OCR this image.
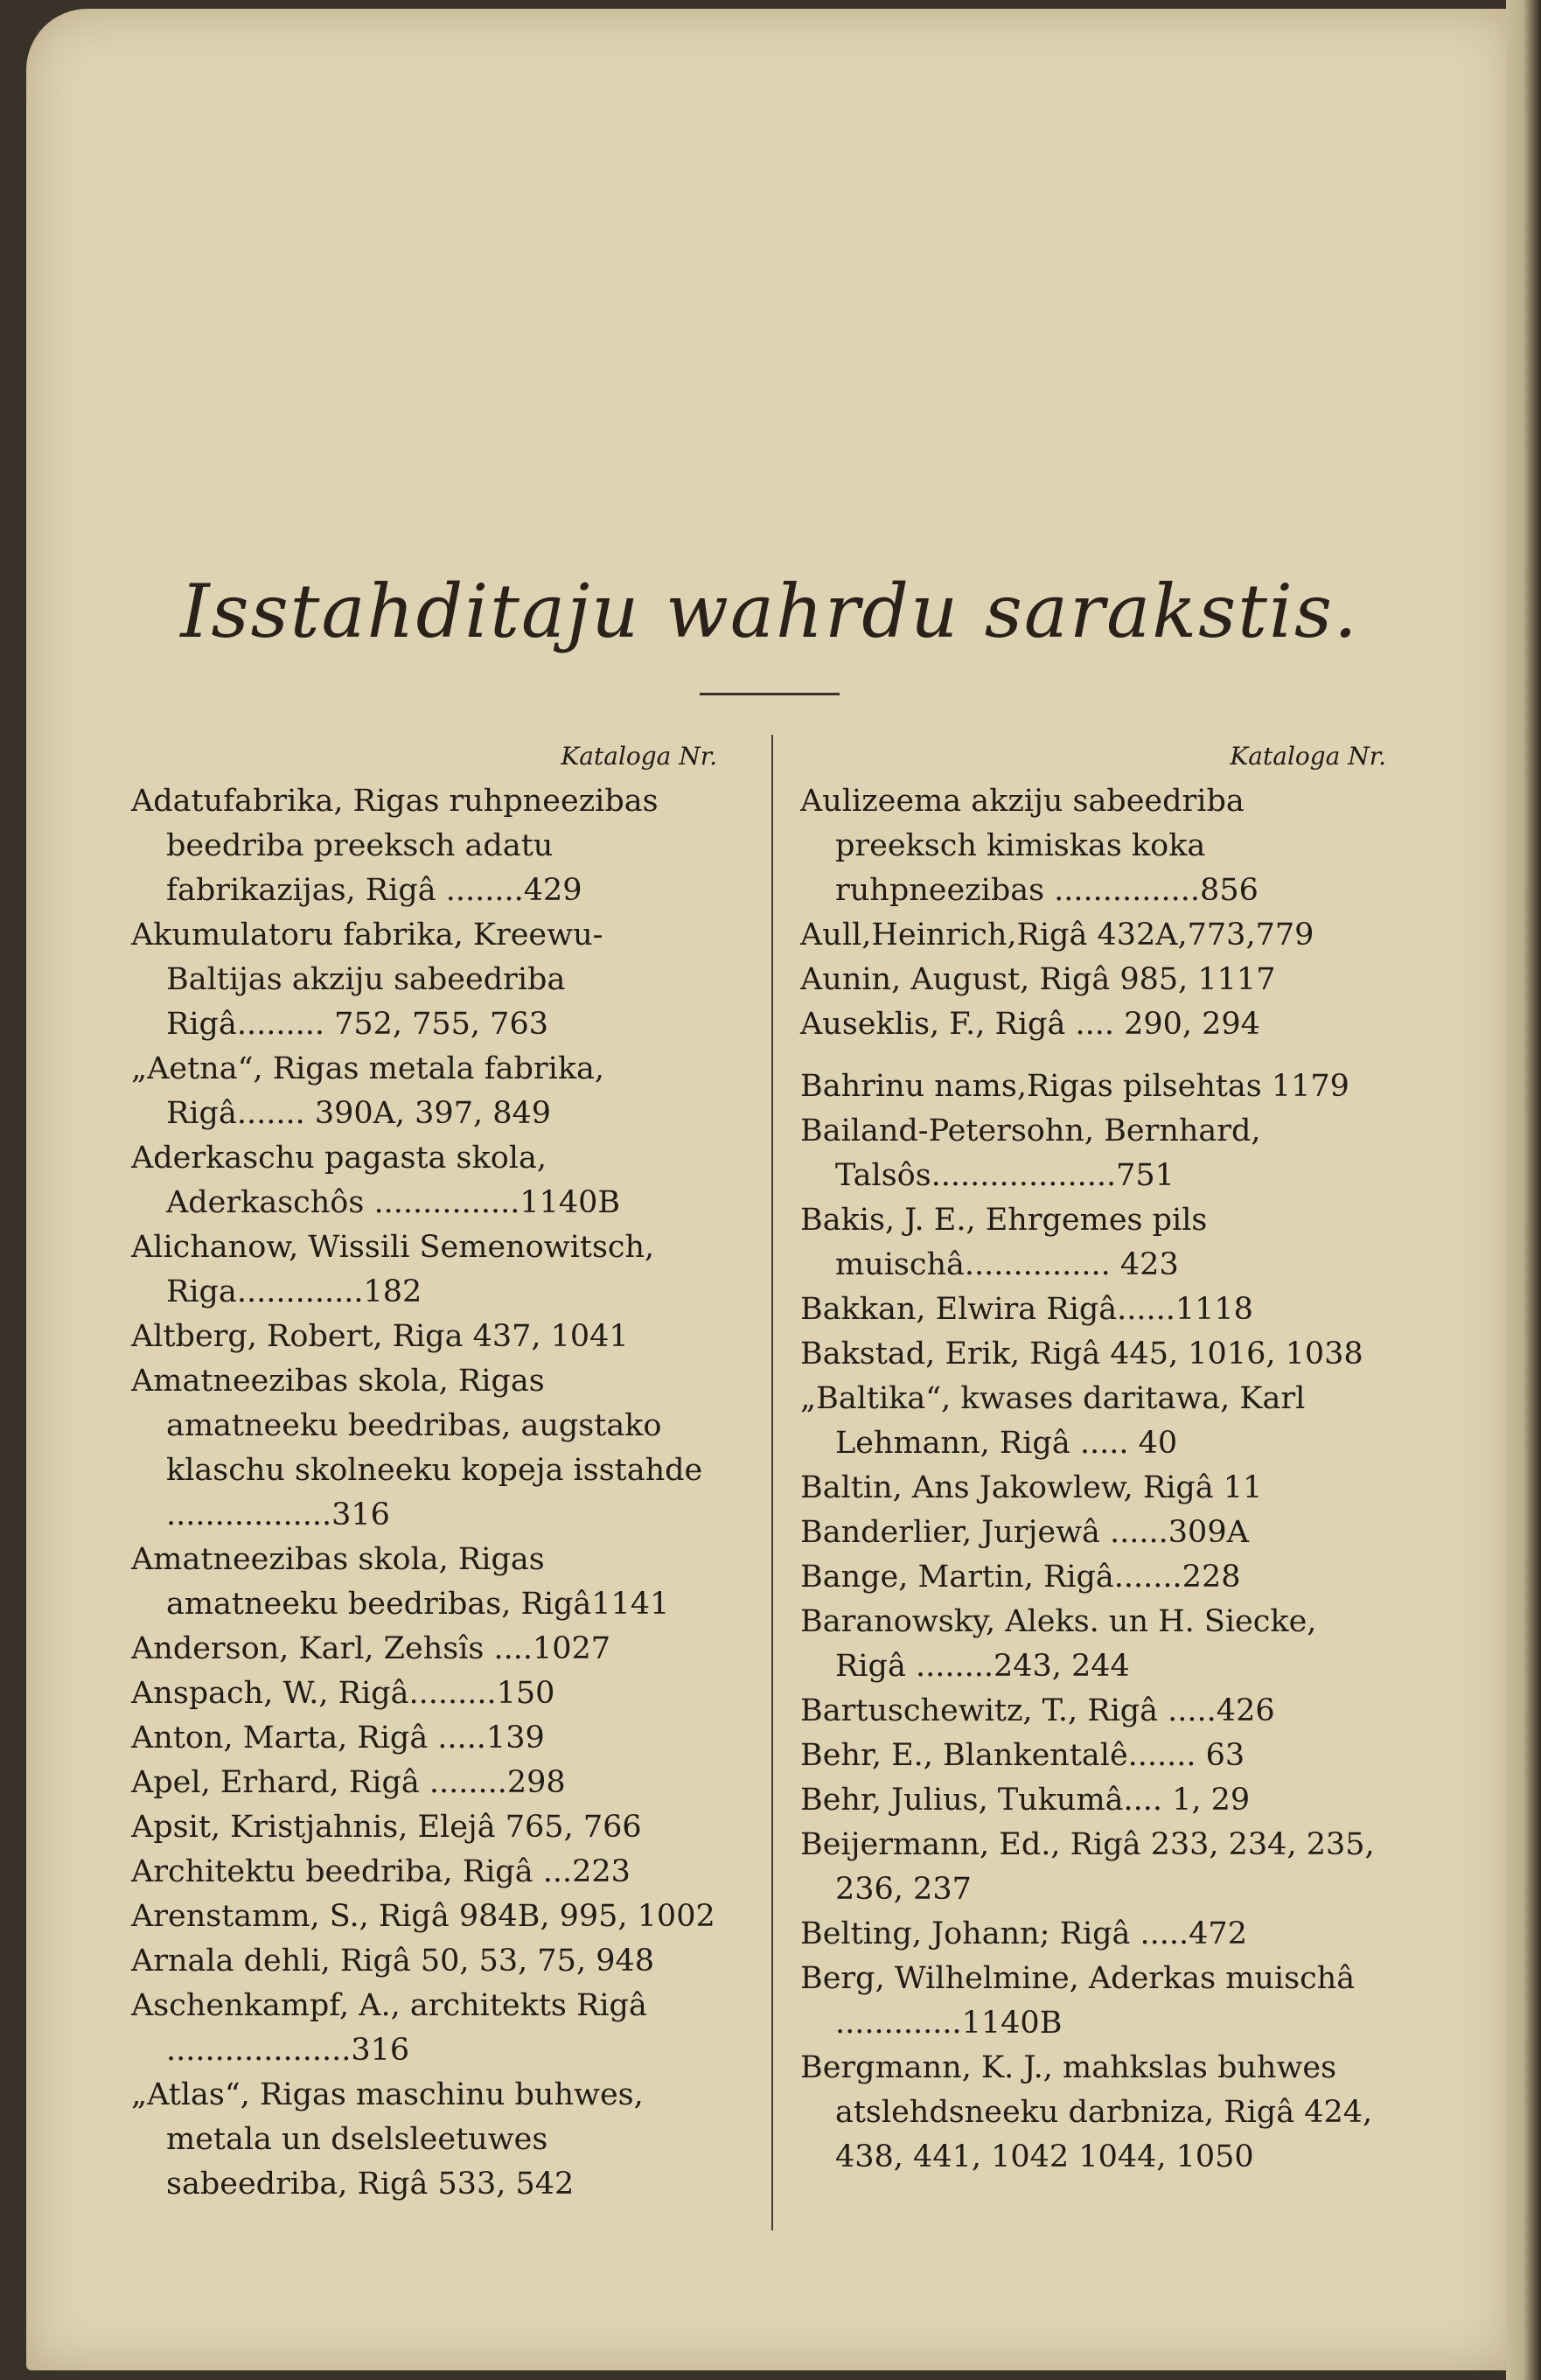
Isstahditaju wahrdu sarakstis.
Kataloga Nr.

Adatufabrika, Rigas ruhpneezibas beedriba preeksch adatu fabrikazijas, Rigâ ........429

Akumulatoru fabrika, Kreewu-Baltijas akziju sabeedriba Rigâ......... 752, 755, 763

„Aetna“, Rigas metala fabrika, Rigâ....... 390A, 397, 849

Aderkaschu pagasta skola, Aderkaschôs ...............1140B

Alichanow, Wissili Semenowitsch, Riga.............182

Altberg, Robert, Riga 437, 1041

Amatneezibas skola, Rigas amatneeku beedribas, augstako klaschu skolneeku kopeja isstahde .................316

Amatneezibas skola, Rigas amatneeku beedribas, Rigâ1141

Anderson, Karl, Zehsîs ....1027

Anspach, W., Rigâ.........150

Anton, Marta, Rigâ .....139

Apel, Erhard, Rigâ ........298

Apsit, Kristjahnis, Elejâ 765, 766

Architektu beedriba, Rigâ ...223

Arenstamm, S., Rigâ 984B, 995, 1002

Arnala dehli, Rigâ 50, 53, 75, 948

Aschenkampf, A., architekts Rigâ ...................316

„Atlas“, Rigas maschinu buhwes, metala un dselsleetuwes sabeedriba, Rigâ 533, 542

Kataloga Nr.

Aulizeema akziju sabeedriba preeksch kimiskas koka ruhpneezibas ...............856

Aull,Heinrich,Rigâ 432A,773,779

Aunin, August, Rigâ 985, 1117

Auseklis, F., Rigâ .... 290, 294

Bahrinu nams,Rigas pilsehtas 1179

Bailand-Petersohn, Bernhard, Talsôs...................751

Bakis, J. E., Ehrgemes pils muischâ............... 423

Bakkan, Elwira Rigâ......1118

Bakstad, Erik, Rigâ 445, 1016, 1038

„Baltika“, kwases daritawa, Karl Lehmann, Rigâ ..... 40

Baltin, Ans Jakowlew, Rigâ 11

Banderlier, Jurjewâ ......309A

Bange, Martin, Rigâ.......228

Baranowsky, Aleks. un H. Siecke, Rigâ ........243, 244

Bartuschewitz, T., Rigâ .....426

Behr, E., Blankentalê....... 63

Behr, Julius, Tukumâ.... 1, 29

Beijermann, Ed., Rigâ 233, 234, 235, 236, 237

Belting, Johann; Rigâ .....472

Berg, Wilhelmine, Aderkas muischâ .............1140B

Bergmann, K. J., mahkslas buhwes atslehdsneeku darbniza, Rigâ 424, 438, 441, 1042 1044, 1050
